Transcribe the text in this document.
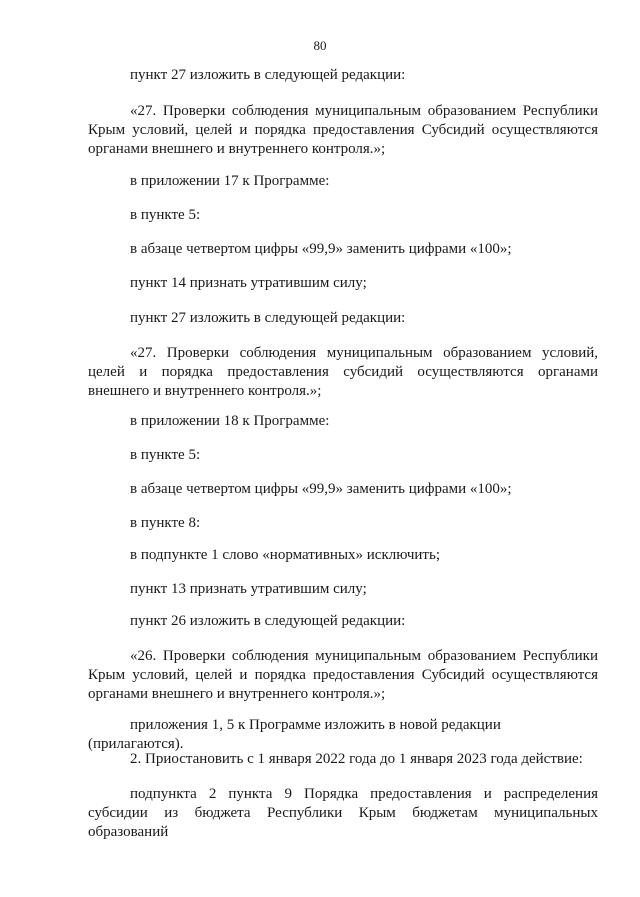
80

пункт 27 изложить в следующей редакции:

«27. Проверки соблюдения муниципальным образованием Республики Крым условий, целей и порядка предоставления Субсидий осуществляются органами внешнего и внутреннего контроля.»;

в приложении 17 к Программе:

в пункте 5:

в абзаце четвертом цифры «99,9» заменить цифрами «100»;

пункт 14 признать утратившим силу;

пункт 27 изложить в следующей редакции:

«27. Проверки соблюдения муниципальным образованием условий, целей и порядка предоставления субсидий осуществляются органами внешнего и внутреннего контроля.»;

в приложении 18 к Программе:

в пункте 5:

в абзаце четвертом цифры «99,9» заменить цифрами «100»;

в пункте 8:

в подпункте 1 слово «нормативных» исключить;

пункт 13 признать утратившим силу;

пункт 26 изложить в следующей редакции:

«26. Проверки соблюдения муниципальным образованием Республики Крым условий, целей и порядка предоставления Субсидий осуществляются органами внешнего и внутреннего контроля.»;

приложения 1, 5 к Программе изложить в новой редакции (прилагаются).

2. Приостановить с 1 января 2022 года до 1 января 2023 года действие:

подпункта 2 пункта 9 Порядка предоставления и распределения субсидии из бюджета Республики Крым бюджетам муниципальных образований
